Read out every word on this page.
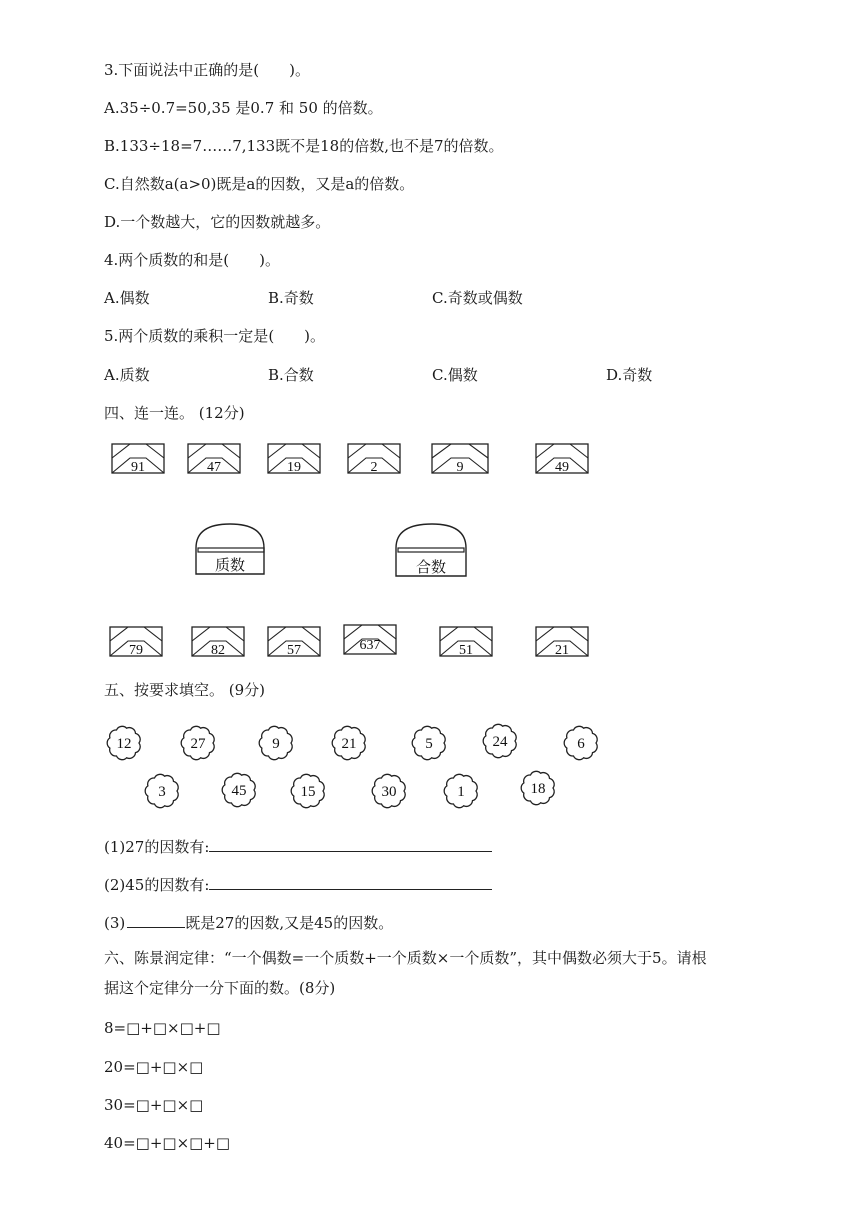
3.下面说法中正确的是(　　)。
A.35÷0.7=50,35 是0.7 和 50 的倍数。
B.133÷18=7……7,133既不是18的倍数,也不是7的倍数。
C.自然数a(a>0)既是a的因数，又是a的倍数。
D.一个数越大，它的因数就越多。
4.两个质数的和是(　　)。
A.偶数	B.奇数	C.奇数或偶数
5.两个质数的乘积一定是(　　)。
A.质数	B.合数	C.偶数	D.奇数
四、连一连。 (12分)
91	47	19	2	9	49
质数	合数
79	82	57	637	51	21
五、按要求填空。 (9分)
12	27	9	21	5	24	6
3	45	15	30	1	18
(1)27的因数有:
(2)45的因数有:
(3)	既是27的因数,又是45的因数。
六、陈景润定律：“一个偶数=一个质数+一个质数×一个质数”，其中偶数必须大于5。请根
据这个定律分一分下面的数。(8分)
8=□+□×□+□
20=□+□×□
30=□+□×□
40=□+□×□+□
